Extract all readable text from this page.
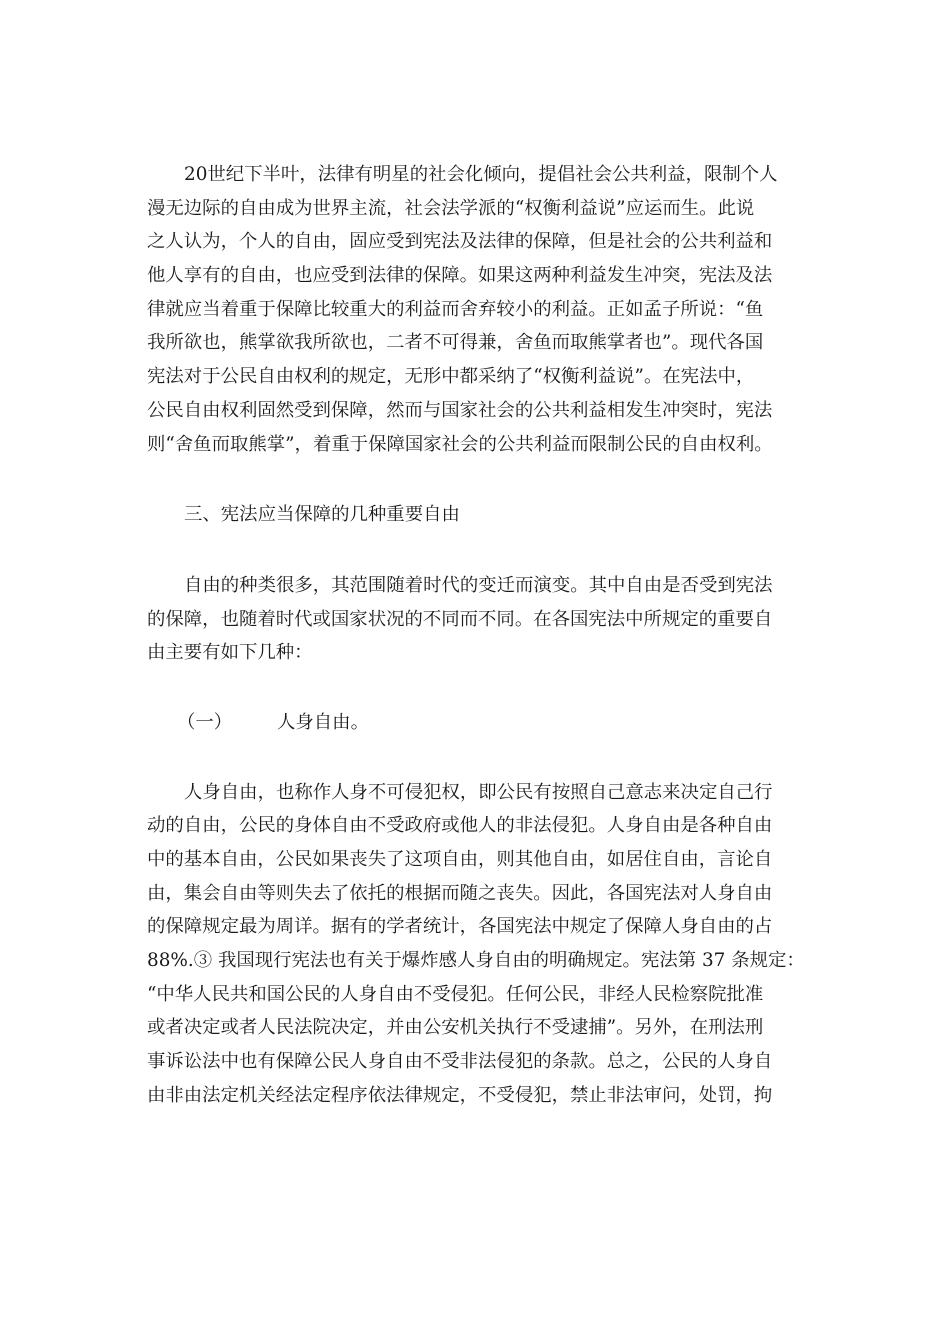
20世纪下半叶，法律有明星的社会化倾向，提倡社会公共利益，限制个人
漫无边际的自由成为世界主流，社会法学派的“权衡利益说”应运而生。此说
之人认为，个人的自由，固应受到宪法及法律的保障，但是社会的公共利益和
他人享有的自由，也应受到法律的保障。如果这两种利益发生冲突，宪法及法
律就应当着重于保障比较重大的利益而舍弃较小的利益。正如孟子所说：“鱼
我所欲也，熊掌欲我所欲也，二者不可得兼，舍鱼而取熊掌者也”。现代各国
宪法对于公民自由权利的规定，无形中都采纳了“权衡利益说”。在宪法中，
公民自由权利固然受到保障，然而与国家社会的公共利益相发生冲突时，宪法
则“舍鱼而取熊掌”，着重于保障国家社会的公共利益而限制公民的自由权利。

三、宪法应当保障的几种重要自由

自由的种类很多，其范围随着时代的变迁而演变。其中自由是否受到宪法
的保障，也随着时代或国家状况的不同而不同。在各国宪法中所规定的重要自
由主要有如下几种：

（一） 人身自由。

人身自由，也称作人身不可侵犯权，即公民有按照自己意志来决定自己行
动的自由，公民的身体自由不受政府或他人的非法侵犯。人身自由是各种自由
中的基本自由，公民如果丧失了这项自由，则其他自由，如居住自由，言论自
由，集会自由等则失去了依托的根据而随之丧失。因此，各国宪法对人身自由
的保障规定最为周详。据有的学者统计，各国宪法中规定了保障人身自由的占
88%.③ 我国现行宪法也有关于爆炸感人身自由的明确规定。宪法第 37 条规定：
“中华人民共和国公民的人身自由不受侵犯。任何公民，非经人民检察院批准
或者决定或者人民法院决定，并由公安机关执行不受逮捕”。另外，在刑法刑
事诉讼法中也有保障公民人身自由不受非法侵犯的条款。总之，公民的人身自
由非由法定机关经法定程序依法律规定，不受侵犯，禁止非法审问，处罚，拘
